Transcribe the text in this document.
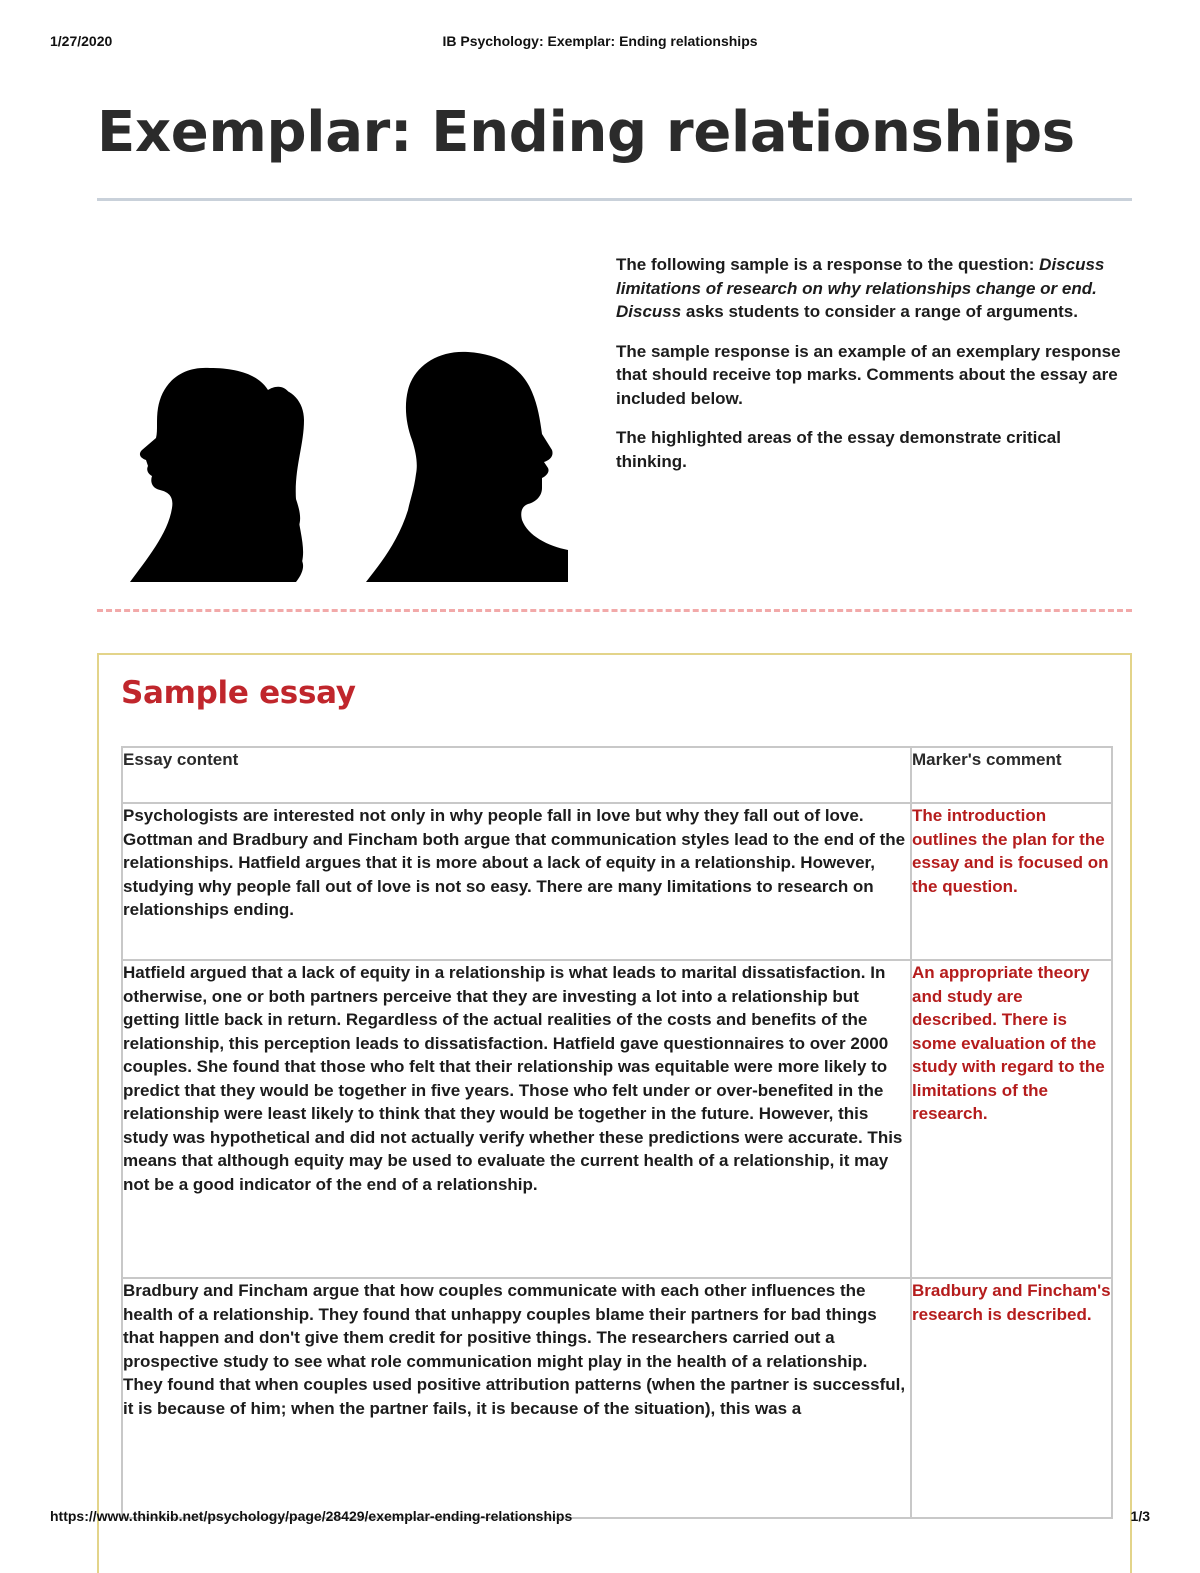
1/27/2020	IB Psychology: Exemplar: Ending relationships
Exemplar: Ending relationships

The following sample is a response to the question: Discuss limitations of research on why relationships change or end. Discuss asks students to consider a range of arguments.

The sample response is an example of an exemplary response that should receive top marks. Comments about the essay are included below.

The highlighted areas of the essay demonstrate critical thinking.

Sample essay
Essay content	Marker's comment
Psychologists are interested not only in why people fall in love but why they fall out of love. Gottman and Bradbury and Fincham both argue that communication styles lead to the end of the relationships. Hatfield argues that it is more about a lack of equity in a relationship. However, studying why people fall out of love is not so easy. There are many limitations to research on relationships ending.	The introduction outlines the plan for the essay and is focused on the question.
Hatfield argued that a lack of equity in a relationship is what leads to marital dissatisfaction. In otherwise, one or both partners perceive that they are investing a lot into a relationship but getting little back in return. Regardless of the actual realities of the costs and benefits of the relationship, this perception leads to dissatisfaction. Hatfield gave questionnaires to over 2000 couples. She found that those who felt that their relationship was equitable were more likely to predict that they would be together in five years. Those who felt under or over-benefited in the relationship were least likely to think that they would be together in the future. However, this study was hypothetical and did not actually verify whether these predictions were accurate. This means that although equity may be used to evaluate the current health of a relationship, it may not be a good indicator of the end of a relationship.	An appropriate theory and study are described. There is some evaluation of the study with regard to the limitations of the research.
Bradbury and Fincham argue that how couples communicate with each other influences the health of a relationship. They found that unhappy couples blame their partners for bad things that happen and don't give them credit for positive things. The researchers carried out a prospective study to see what role communication might play in the health of a relationship. They found that when couples used positive attribution patterns (when the partner is successful, it is because of him; when the partner fails, it is because of the situation), this was a	Bradbury and Fincham's research is described.
https://www.thinkib.net/psychology/page/28429/exemplar-ending-relationships	1/3
